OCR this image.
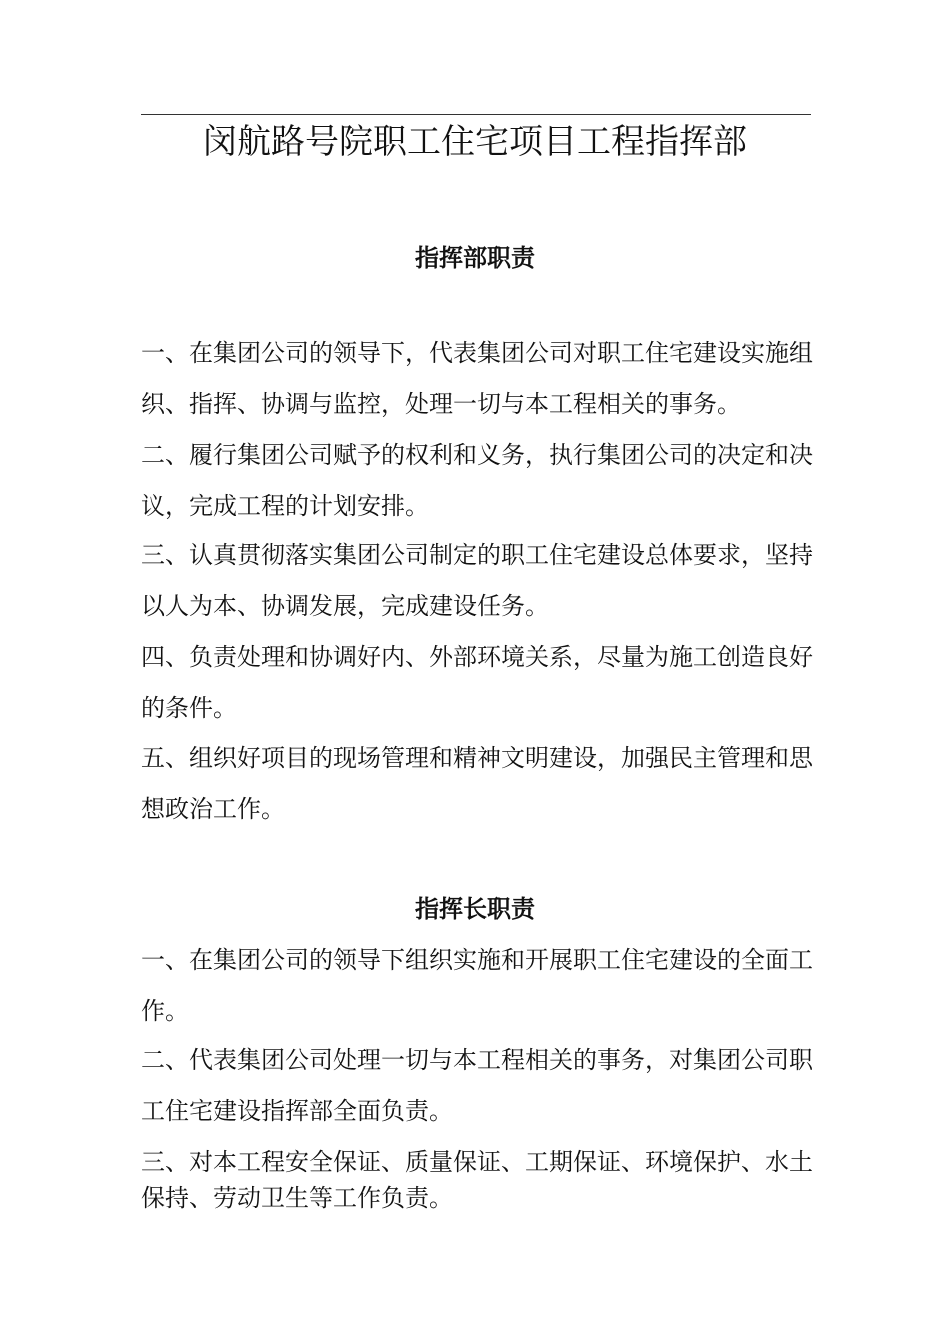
闵航路号院职工住宅项目工程指挥部
指挥部职责

一、在集团公司的领导下，代表集团公司对职工住宅建设实施组织、指挥、协调与监控，处理一切与本工程相关的事务。

二、履行集团公司赋予的权利和义务，执行集团公司的决定和决议，完成工程的计划安排。

三、认真贯彻落实集团公司制定的职工住宅建设总体要求，坚持以人为本、协调发展，完成建设任务。

四、负责处理和协调好内、外部环境关系，尽量为施工创造良好的条件。

五、组织好项目的现场管理和精神文明建设，加强民主管理和思想政治工作。

指挥长职责

一、在集团公司的领导下组织实施和开展职工住宅建设的全面工作。

二、代表集团公司处理一切与本工程相关的事务，对集团公司职工住宅建设指挥部全面负责。

三、对本工程安全保证、质量保证、工期保证、环境保护、水土保持、劳动卫生等工作负责。
